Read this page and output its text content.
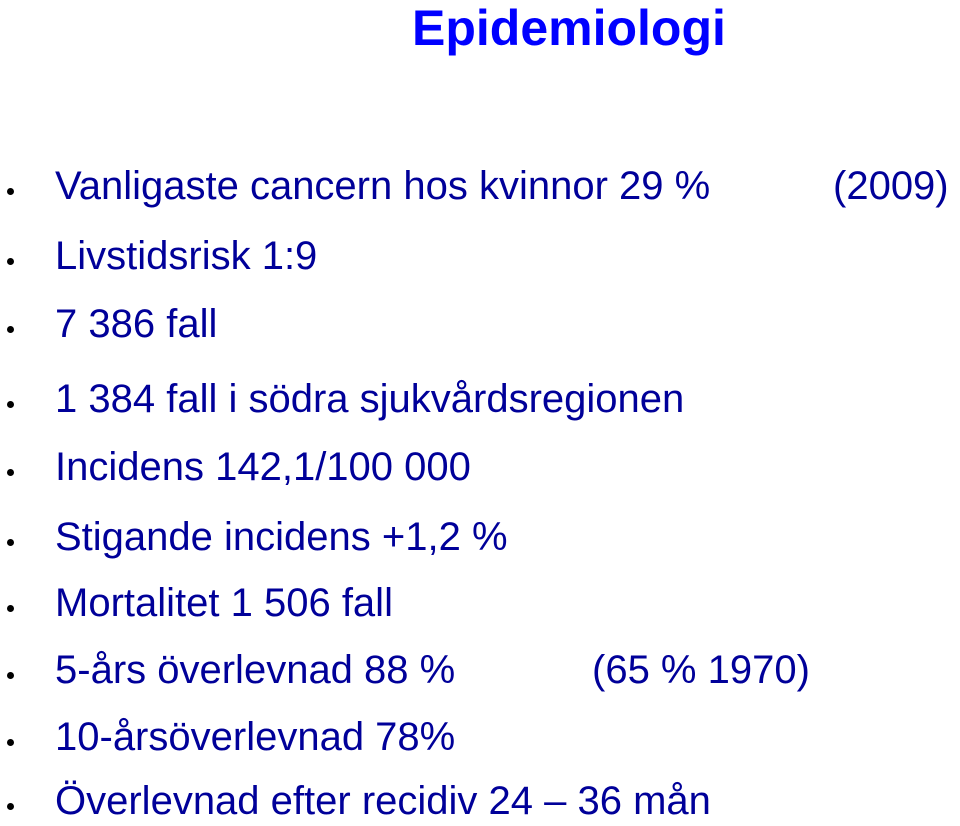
Epidemiologi
Vanligaste cancern hos kvinnor 29 %	(2009)
Livstidsrisk 1:9
7 386 fall
1 384 fall i södra sjukvårdsregionen
Incidens 142,1/100 000
Stigande incidens +1,2 %
Mortalitet 1 506 fall
5-års överlevnad 88 %	(65 % 1970)
10-årsöverlevnad 78%
Överlevnad efter recidiv 24 – 36 mån
